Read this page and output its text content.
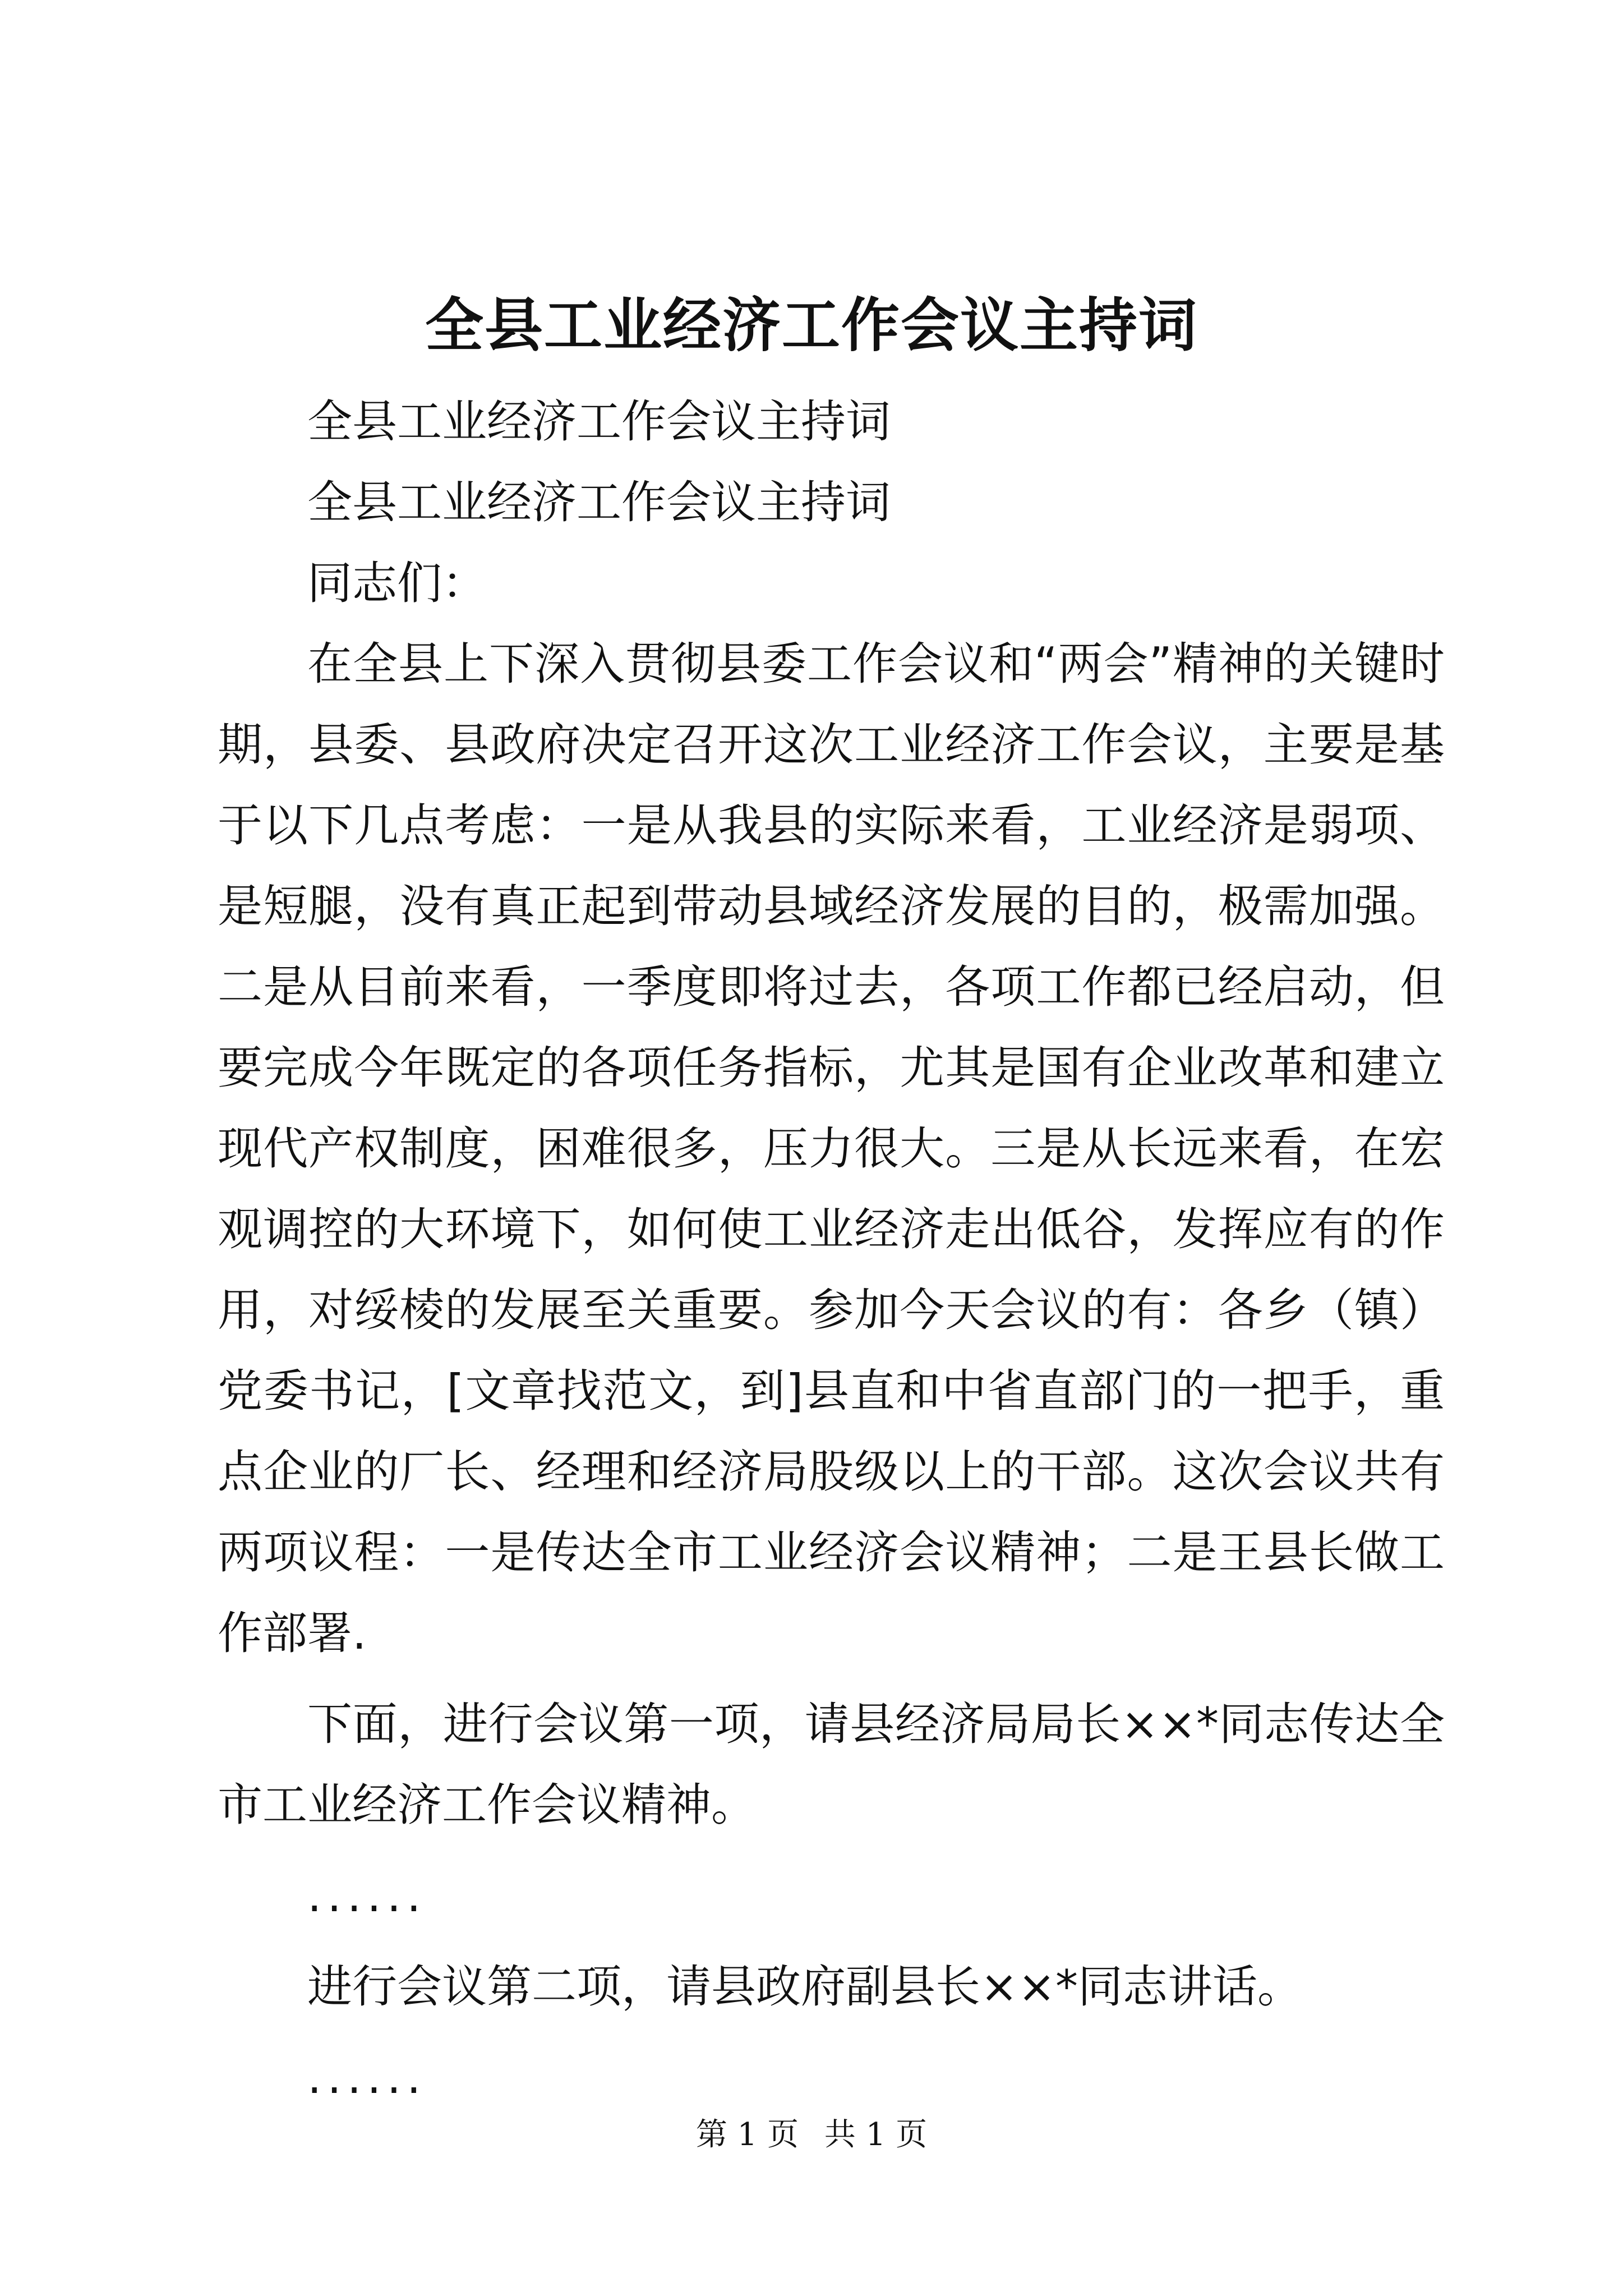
全县工业经济工作会议主持词

全县工业经济工作会议主持词

全县工业经济工作会议主持词

同志们：

在全县上下深入贯彻县委工作会议和“两会”精神的关键时期，县委、县政府决定召开这次工业经济工作会议，主要是基于以下几点考虑：一是从我县的实际来看，工业经济是弱项、是短腿，没有真正起到带动县域经济发展的目的，极需加强。二是从目前来看，一季度即将过去，各项工作都已经启动，但要完成今年既定的各项任务指标，尤其是国有企业改革和建立现代产权制度，困难很多，压力很大。三是从长远来看，在宏观调控的大环境下，如何使工业经济走出低谷，发挥应有的作用，对绥棱的发展至关重要。参加今天会议的有：各乡（镇）党委书记，[文章找范文，到]县直和中省直部门的一把手，重点企业的厂长、经理和经济局股级以上的干部。这次会议共有两项议程：一是传达全市工业经济会议精神；二是王县长做工作部署.

下面，进行会议第一项，请县经济局局长××*同志传达全市工业经济工作会议精神。

......

进行会议第二项，请县政府副县长××*同志讲话。

......

第 1 页 共 1 页
